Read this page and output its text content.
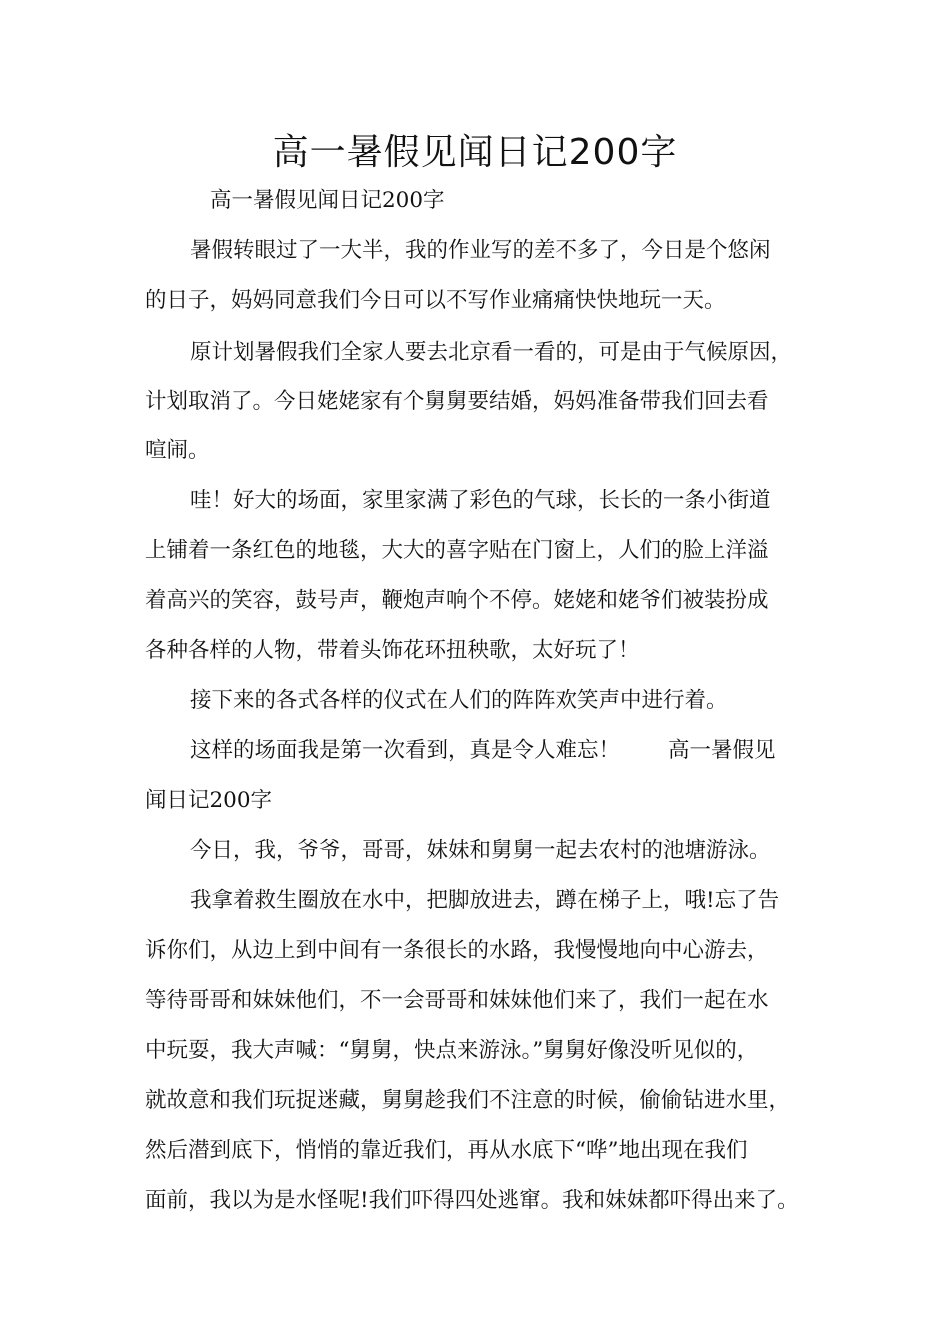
高一暑假见闻日记200字

高一暑假见闻日记200字

暑假转眼过了一大半，我的作业写的差不多了，今日是个悠闲

的日子，妈妈同意我们今日可以不写作业痛痛快快地玩一天。

原计划暑假我们全家人要去北京看一看的，可是由于气候原因，

计划取消了。今日姥姥家有个舅舅要结婚，妈妈准备带我们回去看

喧闹。

哇！好大的场面，家里家满了彩色的气球，长长的一条小街道

上铺着一条红色的地毯，大大的喜字贴在门窗上，人们的脸上洋溢

着高兴的笑容，鼓号声，鞭炮声响个不停。姥姥和姥爷们被装扮成

各种各样的人物，带着头饰花环扭秧歌，太好玩了！

接下来的各式各样的仪式在人们的阵阵欢笑声中进行着。

这样的场面我是第一次看到，真是令人难忘！ 高一暑假见

闻日记200字

今日，我，爷爷，哥哥，妹妹和舅舅一起去农村的池塘游泳。

我拿着救生圈放在水中，把脚放进去，蹲在梯子上，哦!忘了告

诉你们，从边上到中间有一条很长的水路，我慢慢地向中心游去，

等待哥哥和妹妹他们，不一会哥哥和妹妹他们来了，我们一起在水

中玩耍，我大声喊：“舅舅，快点来游泳。”舅舅好像没听见似的，

就故意和我们玩捉迷藏，舅舅趁我们不注意的时候，偷偷钻进水里，

然后潜到底下，悄悄的靠近我们，再从水底下“哗”地出现在我们

面前，我以为是水怪呢!我们吓得四处逃窜。我和妹妹都吓得出来了。
